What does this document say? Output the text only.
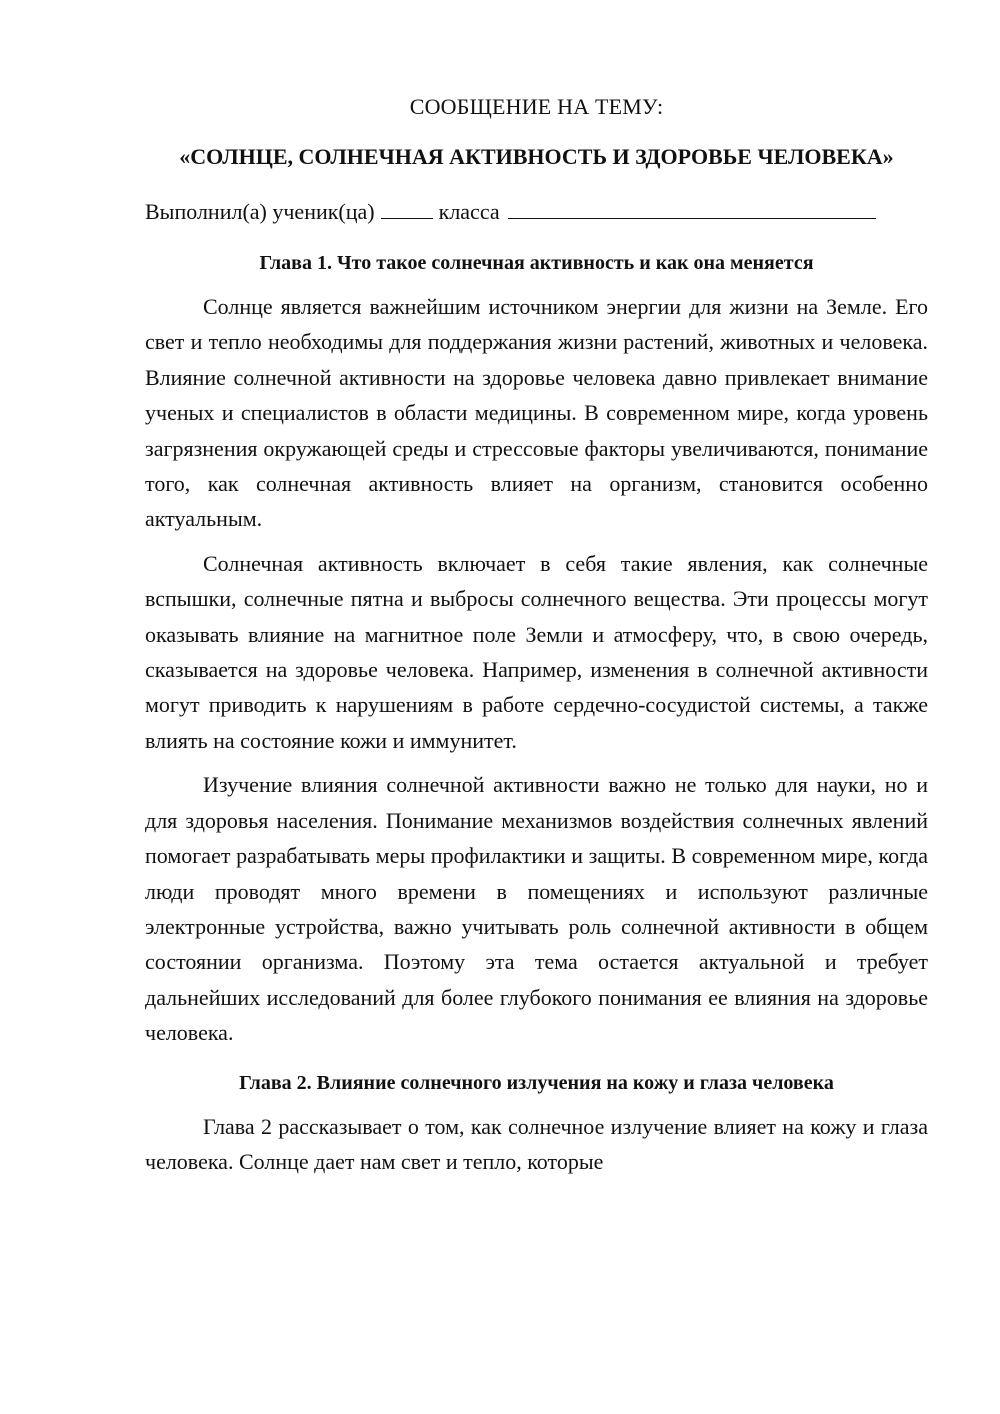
СООБЩЕНИЕ НА ТЕМУ:

«СОЛНЦЕ, СОЛНЕЧНАЯ АКТИВНОСТЬ И ЗДОРОВЬЕ ЧЕЛОВЕКА»

Выполнил(а) ученик(ца)	класса

Глава 1. Что такое солнечная активность и как она меняется

Солнце является важнейшим источником энергии для жизни на Земле. Его свет и тепло необходимы для поддержания жизни растений, животных и человека. Влияние солнечной активности на здоровье человека давно привлекает внимание ученых и специалистов в области медицины. В современном мире, когда уровень загрязнения окружающей среды и стрессовые факторы увеличиваются, понимание того, как солнечная активность влияет на организм, становится особенно актуальным.

Солнечная активность включает в себя такие явления, как солнечные вспышки, солнечные пятна и выбросы солнечного вещества. Эти процессы могут оказывать влияние на магнитное поле Земли и атмосферу, что, в свою очередь, сказывается на здоровье человека. Например, изменения в солнечной активности могут приводить к нарушениям в работе сердечно-сосудистой системы, а также влиять на состояние кожи и иммунитет.

Изучение влияния солнечной активности важно не только для науки, но и для здоровья населения. Понимание механизмов воздействия солнечных явлений помогает разрабатывать меры профилактики и защиты. В современном мире, когда люди проводят много времени в помещениях и используют различные электронные устройства, важно учитывать роль солнечной активности в общем состоянии организма. Поэтому эта тема остается актуальной и требует дальнейших исследований для более глубокого понимания ее влияния на здоровье человека.

Глава 2. Влияние солнечного излучения на кожу и глаза человека

Глава 2 рассказывает о том, как солнечное излучение влияет на кожу и глаза человека. Солнце дает нам свет и тепло, которые
